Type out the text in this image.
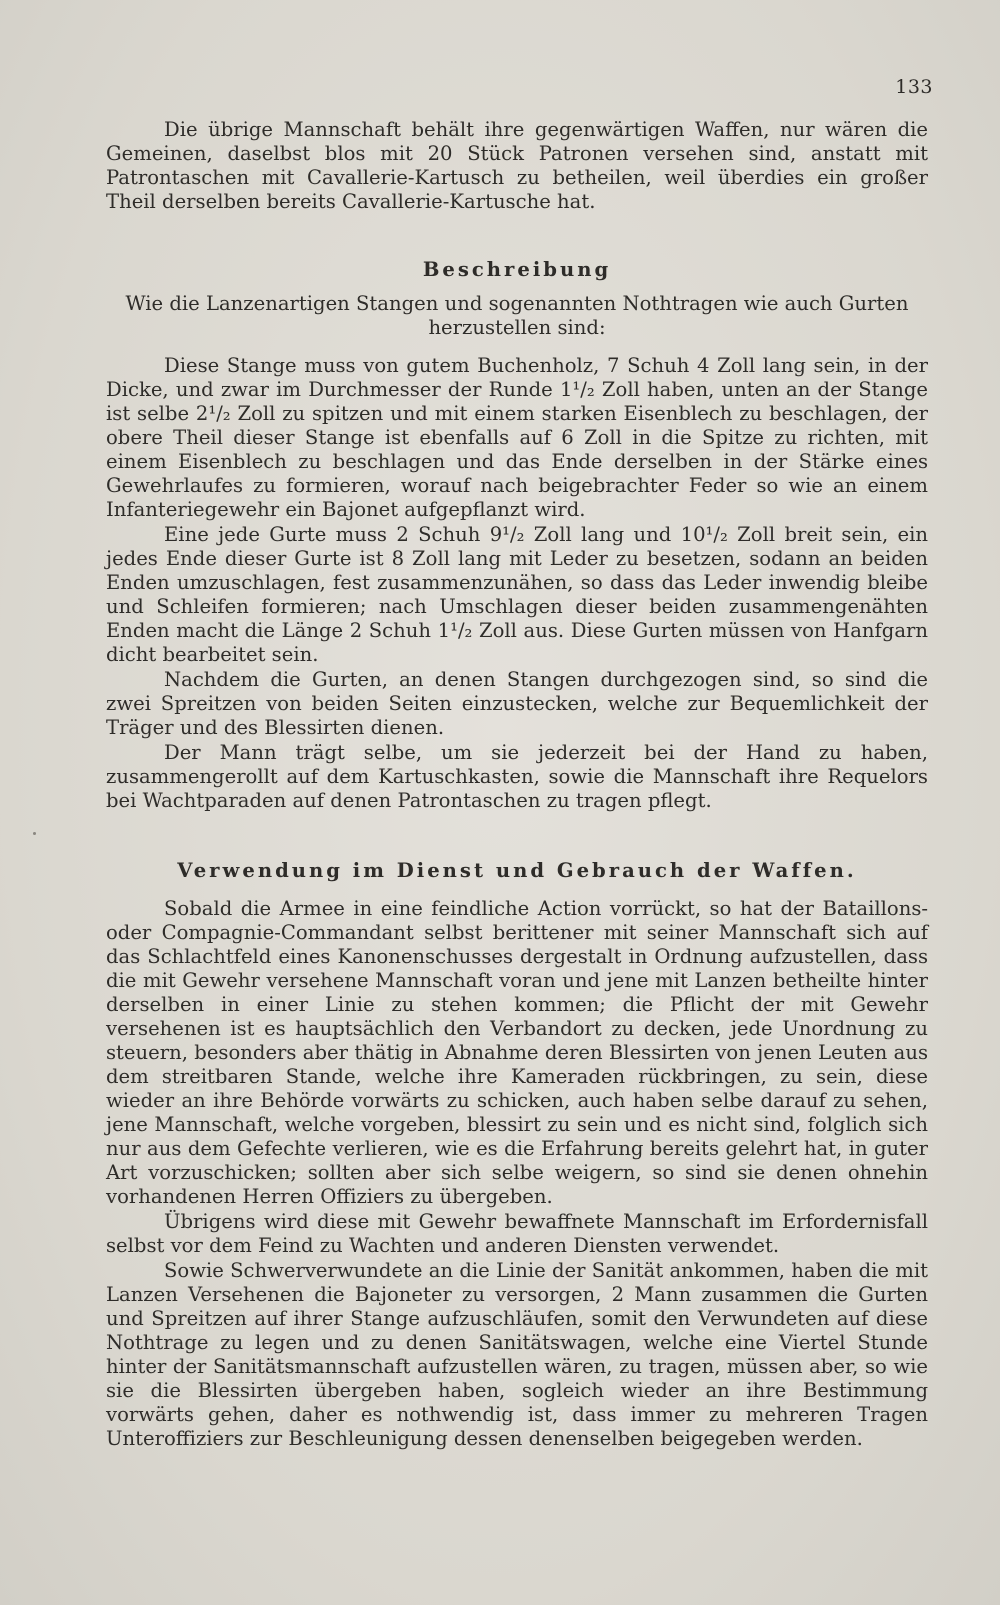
133

Die übrige Mannschaft behält ihre gegenwärtigen Waffen, nur wären die Gemeinen, daselbst blos mit 20 Stück Patronen versehen sind, anstatt mit Patrontaschen mit Cavallerie-Kartusch zu betheilen, weil überdies ein großer Theil derselben bereits Cavallerie-Kartusche hat.

Beschreibung

Wie die Lanzenartigen Stangen und sogenannten Nothtragen wie auch Gurten herzustellen sind:

Diese Stange muss von gutem Buchenholz, 7 Schuh 4 Zoll lang sein, in der Dicke, und zwar im Durchmesser der Runde 1¹/₂ Zoll haben, unten an der Stange ist selbe 2¹/₂ Zoll zu spitzen und mit einem starken Eisenblech zu beschlagen, der obere Theil dieser Stange ist ebenfalls auf 6 Zoll in die Spitze zu richten, mit einem Eisenblech zu beschlagen und das Ende derselben in der Stärke eines Gewehrlaufes zu formieren, worauf nach beigebrachter Feder so wie an einem Infanteriegewehr ein Bajonet aufgepflanzt wird.

Eine jede Gurte muss 2 Schuh 9¹/₂ Zoll lang und 10¹/₂ Zoll breit sein, ein jedes Ende dieser Gurte ist 8 Zoll lang mit Leder zu besetzen, sodann an beiden Enden umzuschlagen, fest zusammenzunähen, so dass das Leder inwendig bleibe und Schleifen formieren; nach Umschlagen dieser beiden zusammengenähten Enden macht die Länge 2 Schuh 1¹/₂ Zoll aus. Diese Gurten müssen von Hanfgarn dicht bearbeitet sein.

Nachdem die Gurten, an denen Stangen durchgezogen sind, so sind die zwei Spreitzen von beiden Seiten einzustecken, welche zur Bequemlichkeit der Träger und des Blessirten dienen.

Der Mann trägt selbe, um sie jederzeit bei der Hand zu haben, zusammengerollt auf dem Kartuschkasten, sowie die Mannschaft ihre Requelors bei Wachtparaden auf denen Patrontaschen zu tragen pflegt.

Verwendung im Dienst und Gebrauch der Waffen.

Sobald die Armee in eine feindliche Action vorrückt, so hat der Bataillons- oder Compagnie-Commandant selbst berittener mit seiner Mannschaft sich auf das Schlachtfeld eines Kanonenschusses dergestalt in Ordnung aufzustellen, dass die mit Gewehr versehene Mannschaft voran und jene mit Lanzen betheilte hinter derselben in einer Linie zu stehen kommen; die Pflicht der mit Gewehr versehenen ist es hauptsächlich den Verbandort zu decken, jede Unordnung zu steuern, besonders aber thätig in Abnahme deren Blessirten von jenen Leuten aus dem streitbaren Stande, welche ihre Kameraden rückbringen, zu sein, diese wieder an ihre Behörde vorwärts zu schicken, auch haben selbe darauf zu sehen, jene Mannschaft, welche vorgeben, blessirt zu sein und es nicht sind, folglich sich nur aus dem Gefechte verlieren, wie es die Erfahrung bereits gelehrt hat, in guter Art vorzuschicken; sollten aber sich selbe weigern, so sind sie denen ohnehin vorhandenen Herren Offiziers zu übergeben.

Übrigens wird diese mit Gewehr bewaffnete Mannschaft im Erfordernisfall selbst vor dem Feind zu Wachten und anderen Diensten verwendet.

Sowie Schwerverwundete an die Linie der Sanität ankommen, haben die mit Lanzen Versehenen die Bajoneter zu versorgen, 2 Mann zusammen die Gurten und Spreitzen auf ihrer Stange aufzuschläufen, somit den Verwundeten auf diese Nothtrage zu legen und zu denen Sanitätswagen, welche eine Viertel Stunde hinter der Sanitätsmannschaft aufzustellen wären, zu tragen, müssen aber, so wie sie die Blessirten übergeben haben, sogleich wieder an ihre Bestimmung vorwärts gehen, daher es nothwendig ist, dass immer zu mehreren Tragen Unteroffiziers zur Beschleunigung dessen denenselben beigegeben werden.
